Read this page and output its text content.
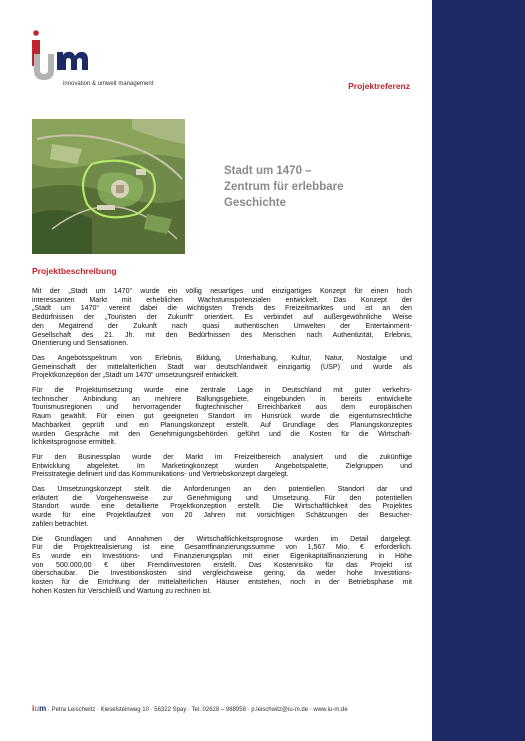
innovation & umwelt management	Projektreferenz
Stadt um 1470 –
Zentrum für erlebbare
Geschichte
Projektbeschreibung

Mit der „Stadt um 1470“ wurde ein völlig neuartiges und einzigartiges Konzept für einen hoch
interessanten Markt mit erheblichen Wachstumspotenzialen entwickelt. Das Konzept der
„Stadt um 1470“ vereint dabei die wichtigsten Trends des Freizeitmarktes und ist an den
Bedürfnissen der „Touristen der Zukunft“ orientiert. Es verbindet auf außergewöhnliche Weise
den Megatrend der Zukunft nach quasi authentischen Umwelten der Entertainment-
Gesellschaft des 21. Jh. mit den Bedürfnissen des Menschen nach Authentizität, Erlebnis,
Orientierung und Sensationen.

Das Angebotsspektrum von Erlebnis, Bildung, Unterhaltung, Kultur, Natur, Nostalgie und
Gemeinschaft der mittelalterlichen Stadt war deutschlandweit einzigartig (USP) und wurde als
Projektkonzeption der „Stadt um 1470“ umsetzungsreif entwickelt.

Für die Projektumsetzung wurde eine zentrale Lage in Deutschland mit guter verkehrs-
technischer Anbindung an mehrere Ballungsgebiete, eingebunden in bereits entwickelte
Tourismusregionen und hervorragender flugtechnischer Erreichbarkeit aus dem europäischen
Raum gewählt. Für einen gut geeigneten Standort im Hunsrück wurde die eigentumsrechtliche
Machbarkeit geprüft und ein Planungskonzept erstellt. Auf Grundlage des Planungskonzeptes
wurden Gespräche mit den Genehmigungsbehörden geführt und die Kosten für die Wirtschaft-
lichkeitsprognose ermittelt.

Für den Businessplan wurde der Markt im Freizeitbereich analysiert und die zukünftige
Entwicklung abgeleitet. Im Marketingkonzept wurden Angebotspalette, Zielgruppen und
Preisstrategie definiert und das Kommunikations- und Vertriebskonzept dargelegt.

Das Umsetzungskonzept stellt die Anforderungen an den potentiellen Standort dar und
erläutert die Vorgehensweise zur Genehmigung und Umsetzung. Für den potentiellen
Standort wurde eine detaillierte Projektkonzeption erstellt. Die Wirtschaftlichkeit des Projektes
wurde für eine Projektlaufzeit von 20 Jahren mit vorsichtigen Schätzungen der Besucher-
zahlen betrachtet.

Die Grundlagen und Annahmen der Wirtschaftlichkeitsprognose wurden im Detail dargelegt.
Für die Projektrealisierung ist eine Gesamtfinanzierungssumme von 1,567 Mio. € erforderlich.
Es wurde ein Investitions- und Finanzierungsplan mit einer Eigenkapitalfinanzierung in Höhe
von 500.000,00 € über Fremdinvestoren erstellt. Das Kostenrisiko für das Projekt ist
überschaubar. Die Investitionskosten sind vergleichsweise gering, da weder hohe Investitions-
kosten für die Errichtung der mittelalterlichen Häuser entstehen, noch in der Betriebsphase mit
hohen Kosten für Verschleiß und Wartung zu rechnen ist.

ium · Petra Leischwitz · Kieselsteinweg 10 · 56322 Spay · Tel. 02628 – 988958 · p.leischwitz@iu-m.de · www.iu-m.de
